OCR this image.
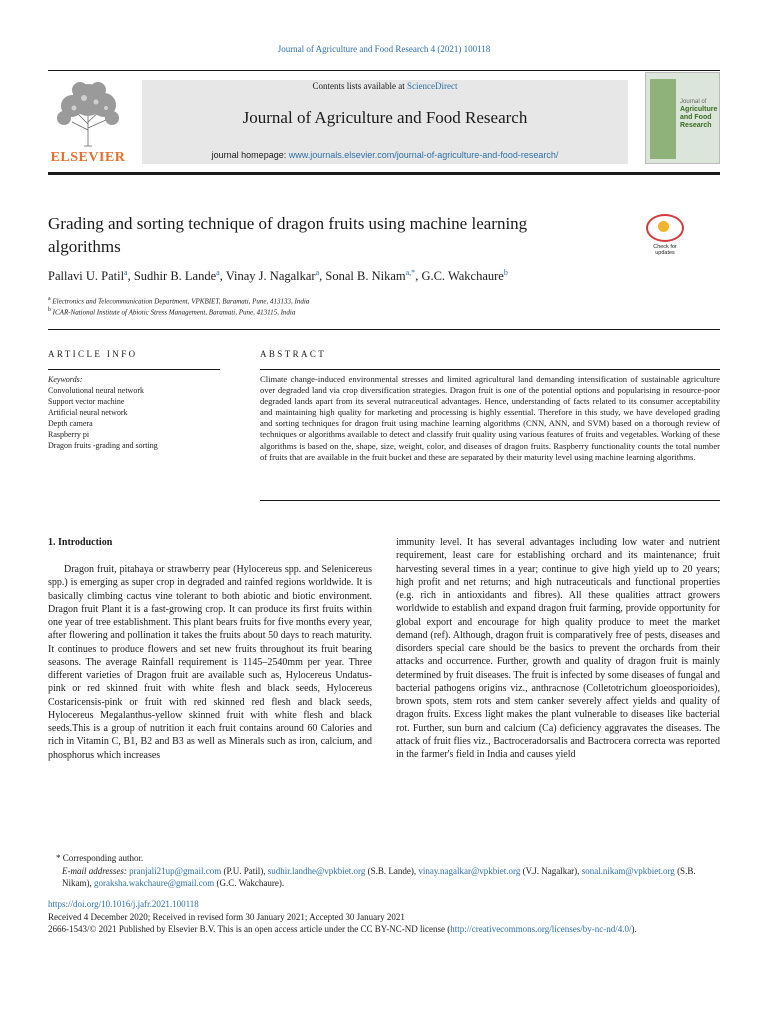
Journal of Agriculture and Food Research 4 (2021) 100118
ELSEVIER
Contents lists available at ScienceDirect
Journal of Agriculture and Food Research
journal homepage: www.journals.elsevier.com/journal-of-agriculture-and-food-research/
Journal of
Agriculture and Food Research
Grading and sorting technique of dragon fruits using machine learning algorithms	Check for updates
Pallavi U. Patil$^a$, Sudhir B. Lande$^a$, Vinay J. Nagalkar$^a$, Sonal B. Nikam$^{a,*}$, G.C. Wakchaure$^b$
$^a$ Electronics and Telecommunication Department, VPKBIET, Baramati, Pune, 413133, India
$^b$ ICAR-National Institute of Abiotic Stress Management, Baramati, Pune, 413115, India
ARTICLE INFO
Keywords:
Convolutional neural network
Support vector machine
Artificial neural network
Depth camera
Raspberry pi
Dragon fruits -grading and sorting
ABSTRACT
Climate change-induced environmental stresses and limited agricultural land demanding intensification of sustainable agriculture over degraded land via crop diversification strategies. Dragon fruit is one of the potential options and popularising in resource-poor degraded lands apart from its several nutraceutical advantages. Hence, understanding of facts related to its consumer acceptability and maintaining high quality for marketing and processing is highly essential. Therefore in this study, we have developed grading and sorting techniques for dragon fruit using machine learning algorithms (CNN, ANN, and SVM) based on a thorough review of techniques or algorithms available to detect and classify fruit quality using various features of fruits and vegetables. Working of these algorithms is based on the, shape, size, weight, color, and diseases of dragon fruits. Raspberry functionality counts the total number of fruits that are available in the fruit bucket and these are separated by their maturity level using machine learning algorithms.
1. Introduction

Dragon fruit, pitahaya or strawberry pear (Hylocereus spp. and Selenicereus spp.) is emerging as super crop in degraded and rainfed regions worldwide. It is basically climbing cactus vine tolerant to both abiotic and biotic environment. Dragon fruit Plant it is a fast-growing crop. It can produce its first fruits within one year of tree establishment. This plant bears fruits for five months every year, after flowering and pollination it takes the fruits about 50 days to reach maturity. It continues to produce flowers and set new fruits throughout its fruit bearing seasons. The average Rainfall requirement is 1145–2540mm per year. Three different varieties of Dragon fruit are available such as, Hylocereus Undatus-pink or red skinned fruit with white flesh and black seeds, Hylocereus Costaricensis-pink or fruit with red skinned red flesh and black seeds, Hylocereus Megalanthus-yellow skinned fruit with white flesh and black seeds.This is a group of nutrition it each fruit contains around 60 Calories and rich in Vitamin C, B1, B2 and B3 as well as Minerals such as iron, calcium, and phosphorus which increases

immunity level. It has several advantages including low water and nutrient requirement, least care for establishing orchard and its maintenance; fruit harvesting several times in a year; continue to give high yield up to 20 years; high profit and net returns; and high nutraceuticals and functional properties (e.g. rich in antioxidants and fibres). All these qualities attract growers worldwide to establish and expand dragon fruit farming, provide opportunity for global export and encourage for high quality produce to meet the market demand (ref). Although, dragon fruit is comparatively free of pests, diseases and disorders special care should be the basics to prevent the orchards from their attacks and occurrence. Further, growth and quality of dragon fruit is mainly determined by fruit diseases. The fruit is infected by some diseases of fungal and bacterial pathogens origins viz., anthracnose (Colletotrichum gloeosporioides), brown spots, stem rots and stem canker severely affect yields and quality of dragon fruits. Excess light makes the plant vulnerable to diseases like bacterial rot. Further, sun burn and calcium (Ca) deficiency aggravates the diseases. The attack of fruit flies viz., Bactroceradorsalis and Bactrocera correcta was reported in the farmer's field in India and causes yield

* Corresponding author.
E-mail addresses: pranjali21up@gmail.com (P.U. Patil), sudhir.landhe@vpkbiet.org (S.B. Lande), vinay.nagalkar@vpkbiet.org (V.J. Nagalkar), sonal.nikam@vpkbiet.org (S.B. Nikam), goraksha.wakchaure@gmail.com (G.C. Wakchaure).
https://doi.org/10.1016/j.jafr.2021.100118
Received 4 December 2020; Received in revised form 30 January 2021; Accepted 30 January 2021
2666-1543/© 2021 Published by Elsevier B.V. This is an open access article under the CC BY-NC-ND license (http://creativecommons.org/licenses/by-nc-nd/4.0/).
